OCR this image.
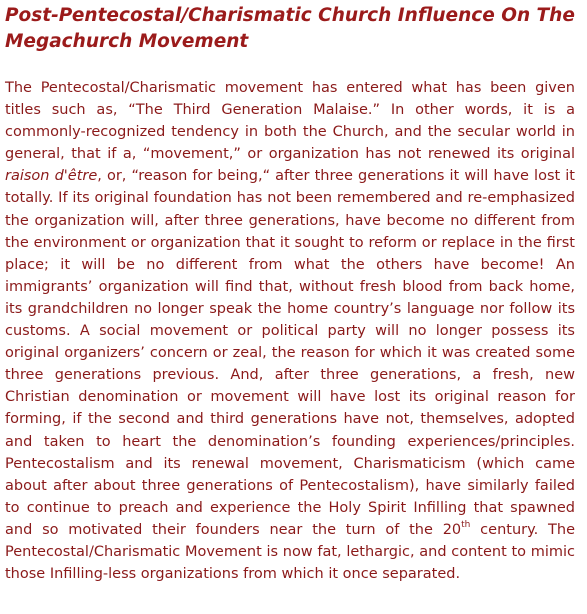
Post-Pentecostal/Charismatic Church Influence On The
Megachurch Movement

The Pentecostal/Charismatic movement has entered what has been given titles such as, “The Third Generation Malaise.” In other words, it is a commonly-recognized tendency in both the Church, and the secular world in general, that if a, “movement,” or organization has not renewed its original raison d'être, or, “reason for being,“ after three generations it will have lost it totally. If its original foundation has not been remembered and re-emphasized the organization will, after three generations, have become no different from the environment or organization that it sought to reform or replace in the first place; it will be no different from what the others have become! An immigrants’ organization will find that, without fresh blood from back home, its grandchildren no longer speak the home country’s language nor follow its customs. A social movement or political party will no longer possess its original organizers’ concern or zeal, the reason for which it was created some three generations previous. And, after three generations, a fresh, new Christian denomination or movement will have lost its original reason for forming, if the second and third generations have not, themselves, adopted and taken to heart the denomination’s founding experiences/principles. Pentecostalism and its renewal movement, Charismaticism (which came about after about three generations of Pentecostalism), have similarly failed to continue to preach and experience the Holy Spirit Infilling that spawned and so motivated their founders near the turn of the 20th century. The Pentecostal/Charismatic Movement is now fat, lethargic, and content to mimic those Infilling-less organizations from which it once separated.
